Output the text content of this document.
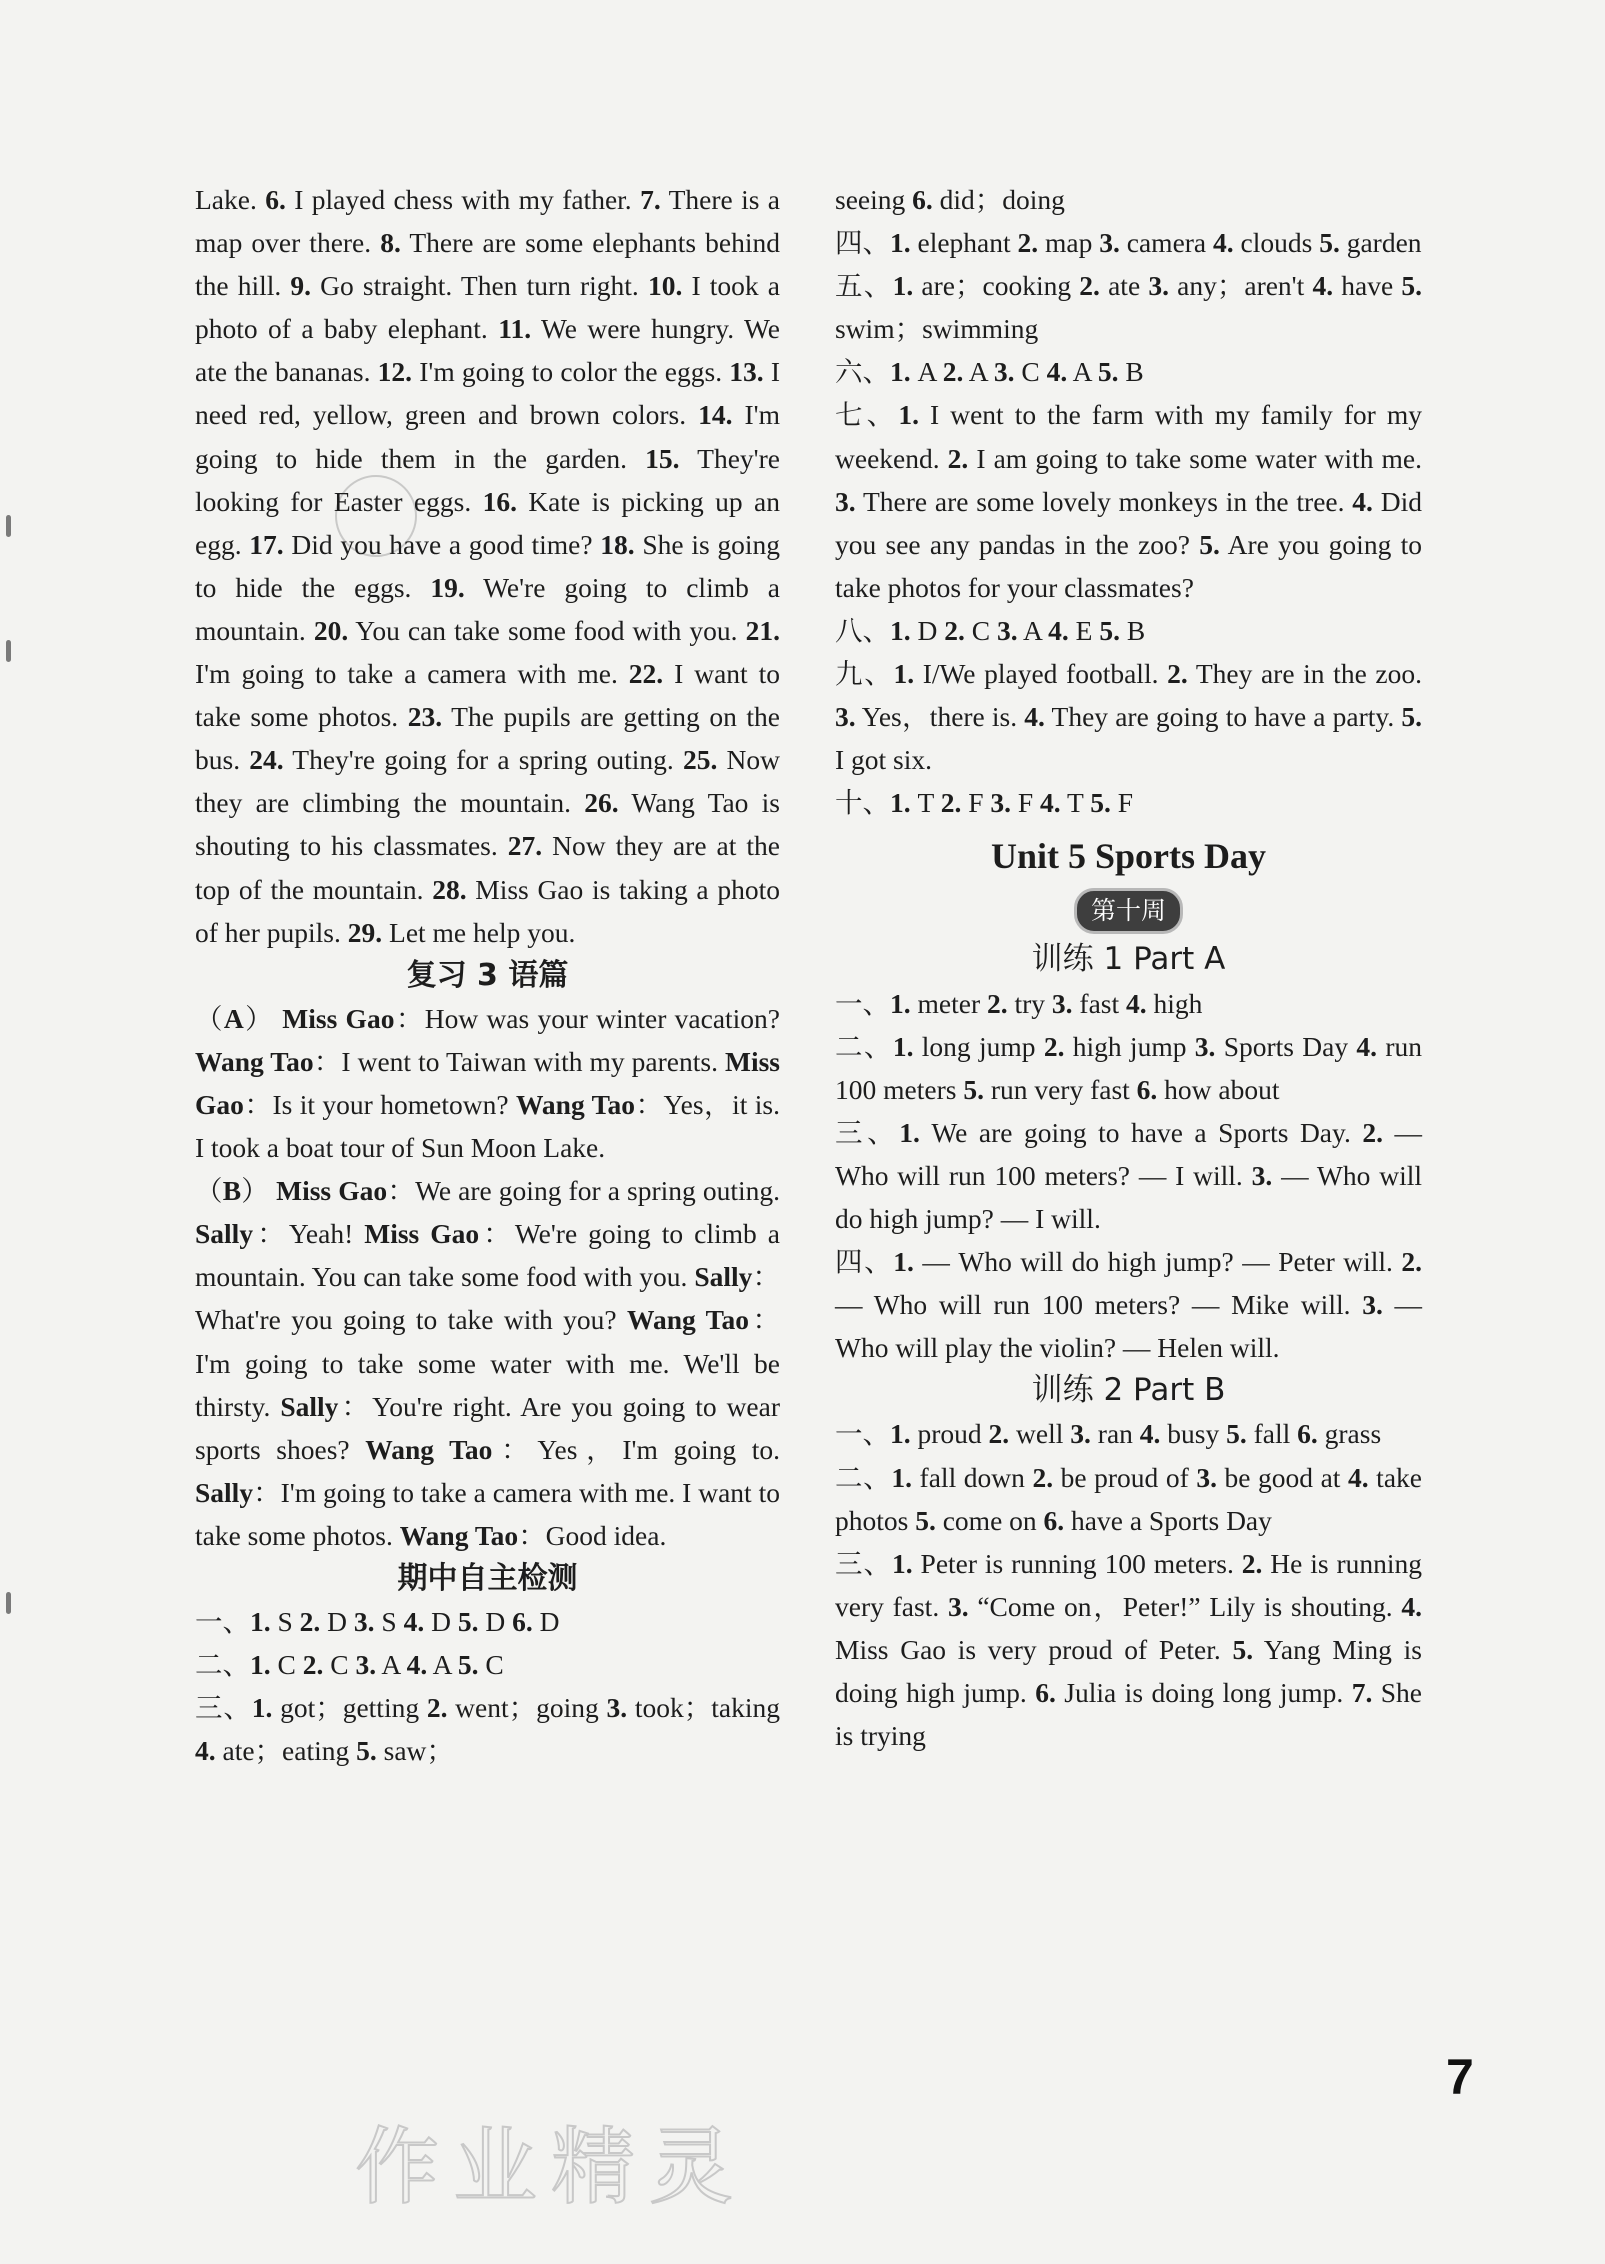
Lake. 6. I played chess with my father. 7. There is a map over there. 8. There are some elephants behind the hill. 9. Go straight. Then turn right. 10. I took a photo of a baby elephant. 11. We were hungry. We ate the bananas. 12. I'm going to color the eggs. 13. I need red, yellow, green and brown colors. 14. I'm going to hide them in the garden. 15. They're looking for Easter eggs. 16. Kate is picking up an egg. 17. Did you have a good time? 18. She is going to hide the eggs. 19. We're going to climb a mountain. 20. You can take some food with you. 21. I'm going to take a camera with me. 22. I want to take some photos. 23. The pupils are getting on the bus. 24. They're going for a spring outing. 25. Now they are climbing the mountain. 26. Wang Tao is shouting to his classmates. 27. Now they are at the top of the mountain. 28. Miss Gao is taking a photo of her pupils. 29. Let me help you.

复习 3 语篇

（A） Miss Gao：How was your winter vacation? Wang Tao：I went to Taiwan with my parents. Miss Gao：Is it your hometown? Wang Tao：Yes，it is. I took a boat tour of Sun Moon Lake.

（B） Miss Gao：We are going for a spring outing. Sally：Yeah! Miss Gao：We're going to climb a mountain. You can take some food with you. Sally：What're you going to take with you? Wang Tao：I'm going to take some water with me. We'll be thirsty. Sally：You're right. Are you going to wear sports shoes? Wang Tao：Yes，I'm going to. Sally：I'm going to take a camera with me. I want to take some photos. Wang Tao：Good idea.

期中自主检测

一、1. S 2. D 3. S 4. D 5. D 6. D

二、1. C 2. C 3. A 4. A 5. C

三、1. got；getting 2. went；going 3. took；taking 4. ate；eating 5. saw；

seeing 6. did；doing

四、1. elephant 2. map 3. camera 4. clouds 5. garden

五、1. are；cooking 2. ate 3. any；aren't 4. have 5. swim；swimming

六、1. A 2. A 3. C 4. A 5. B

七、1. I went to the farm with my family for my weekend. 2. I am going to take some water with me. 3. There are some lovely monkeys in the tree. 4. Did you see any pandas in the zoo? 5. Are you going to take photos for your classmates?

八、1. D 2. C 3. A 4. E 5. B

九、1. I/We played football. 2. They are in the zoo. 3. Yes，there is. 4. They are going to have a party. 5. I got six.

十、1. T 2. F 3. F 4. T 5. F

Unit 5 Sports Day
第十周
训练 1 Part A

一、1. meter 2. try 3. fast 4. high

二、1. long jump 2. high jump 3. Sports Day 4. run 100 meters 5. run very fast 6. how about

三、1. We are going to have a Sports Day. 2. — Who will run 100 meters? — I will. 3. — Who will do high jump? — I will.

四、1. — Who will do high jump? — Peter will. 2. — Who will run 100 meters? — Mike will. 3. — Who will play the violin? — Helen will.

训练 2 Part B

一、1. proud 2. well 3. ran 4. busy 5. fall 6. grass

二、1. fall down 2. be proud of 3. be good at 4. take photos 5. come on 6. have a Sports Day

三、1. Peter is running 100 meters. 2. He is running very fast. 3. “Come on，Peter!” Lily is shouting. 4. Miss Gao is very proud of Peter. 5. Yang Ming is doing high jump. 6. Julia is doing long jump. 7. She is trying

7
作业精灵
